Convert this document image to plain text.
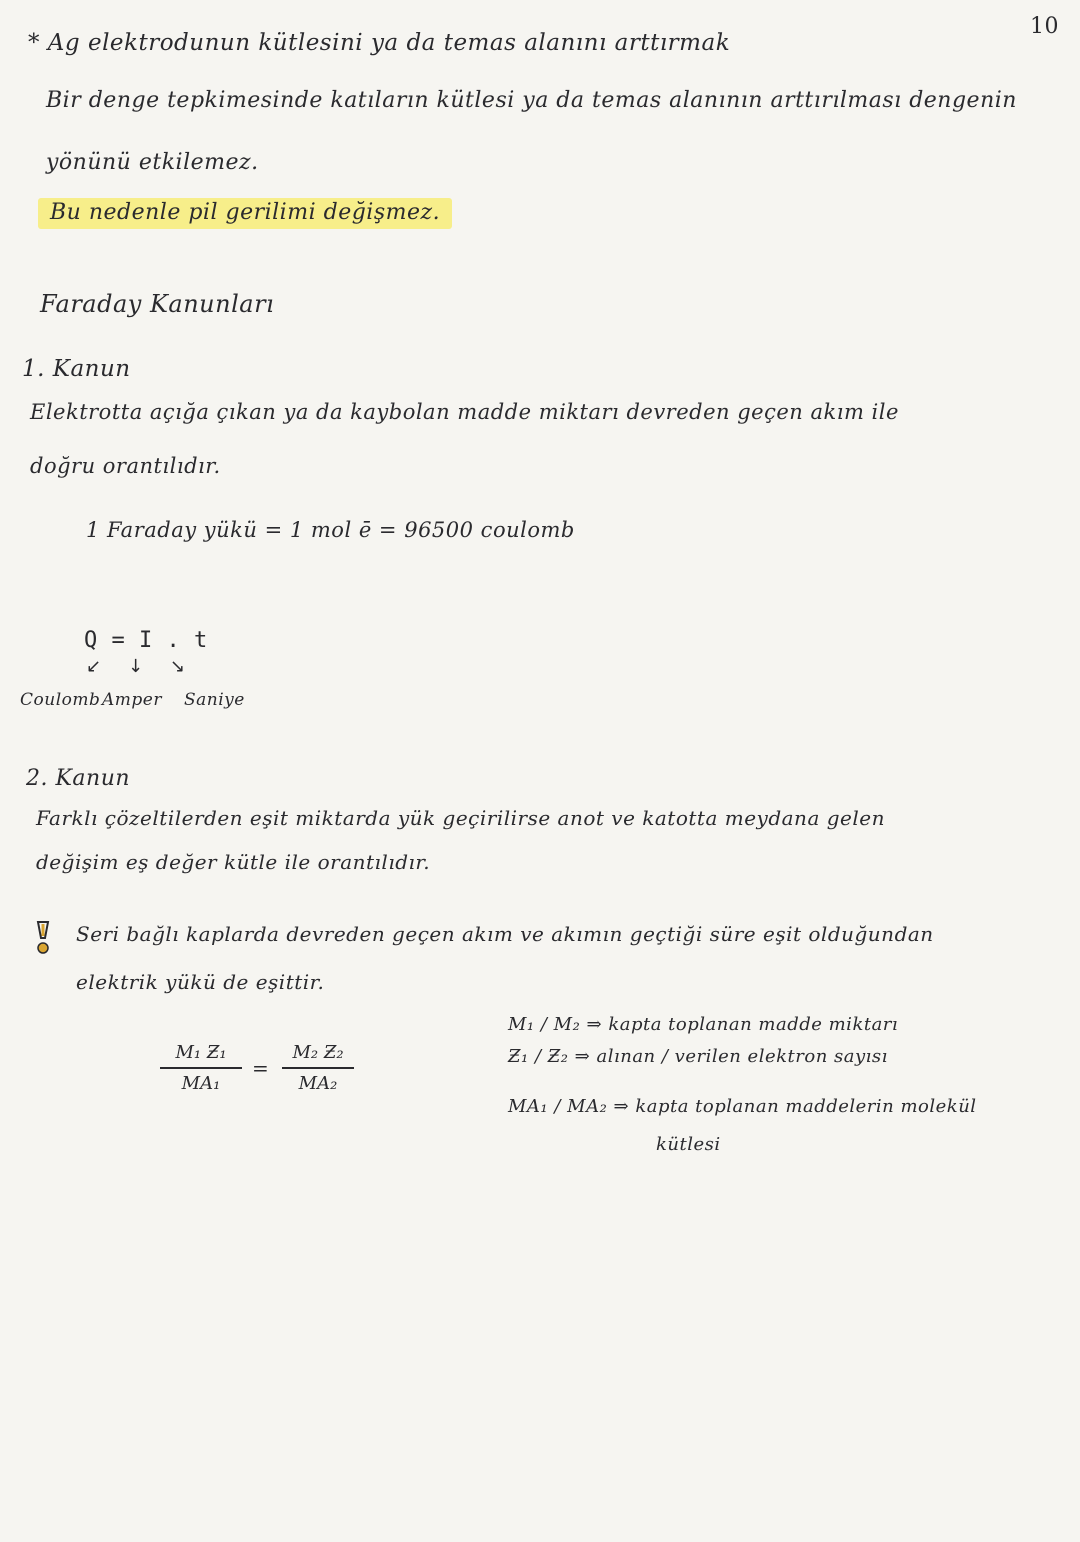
10
* Ag elektrodunun kütlesini ya da temas alanını arttırmak
Bir denge tepkimesinde katıların kütlesi ya da temas alanının arttırılması dengenin
yönünü etkilemez.
Bu nedenle pil gerilimi değişmez.
Faraday Kanunları
1. Kanun
Elektrotta açığa çıkan ya da kaybolan madde miktarı devreden geçen akım ile
doğru orantılıdır.
1 Faraday yükü = 1 mol ē = 96500 coulomb
Q = I . t
↙ ↓ ↘
Coulomb Amper Saniye
2. Kanun
Farklı çözeltilerden eşit miktarda yük geçirilirse anot ve katotta meydana gelen
değişim eş değer kütle ile orantılıdır.
Seri bağlı kaplarda devreden geçen akım ve akımın geçtiği süre eşit olduğundan
elektrik yükü de eşittir.
M₁ Ƶ₁
MA₁
=
M₂ Ƶ₂
MA₂
M₁ / M₂ ⇒ kapta toplanan madde miktarı
Ƶ₁ / Ƶ₂ ⇒ alınan / verilen elektron sayısı
MA₁ / MA₂ ⇒ kapta toplanan maddelerin molekül
kütlesi
